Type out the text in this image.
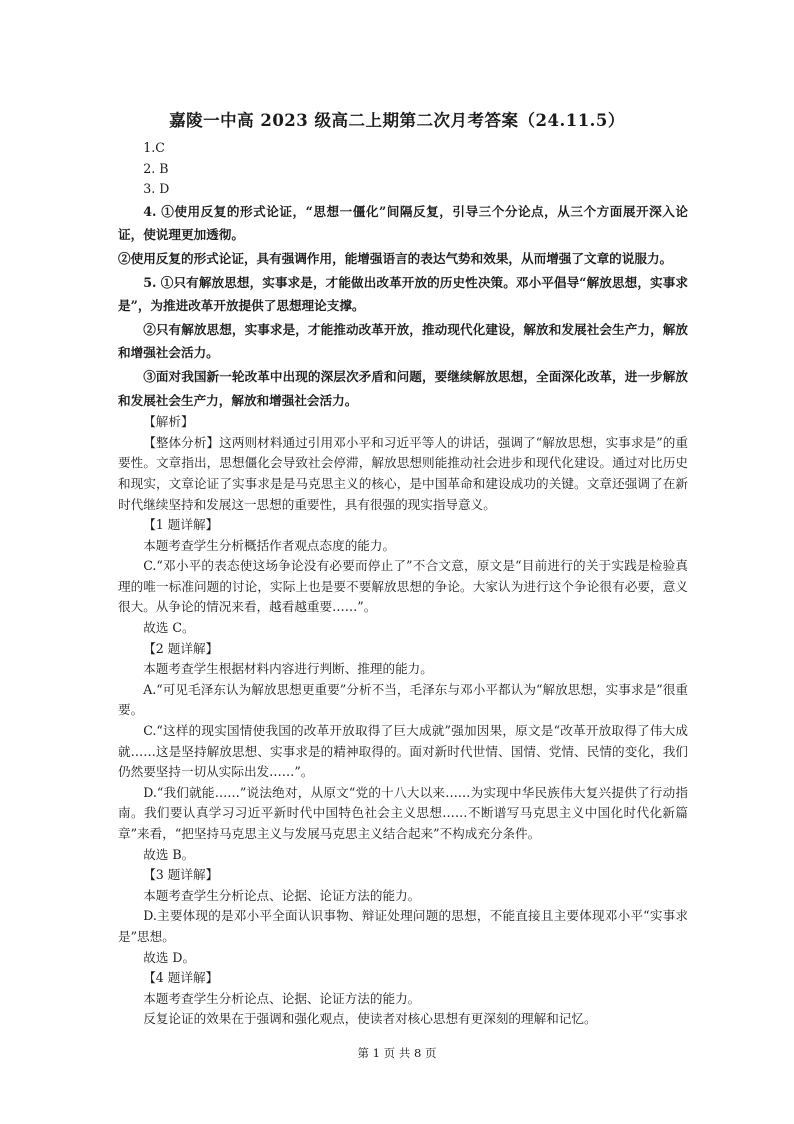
嘉陵一中高 2023 级高二上期第二次月考答案（24.11.5）

1.C

2. B

3. D

4. ①使用反复的形式论证，“思想一僵化”间隔反复，引导三个分论点，从三个方面展开深入论证，使说理更加透彻。

②使用反复的形式论证，具有强调作用，能增强语言的表达气势和效果，从而增强了文章的说服力。

5. ①只有解放思想，实事求是，才能做出改革开放的历史性决策。邓小平倡导“解放思想，实事求是”，为推进改革开放提供了思想理论支撑。

②只有解放思想，实事求是，才能推动改革开放，推动现代化建设，解放和发展社会生产力，解放和增强社会活力。

③面对我国新一轮改革中出现的深层次矛盾和问题，要继续解放思想，全面深化改革，进一步解放和发展社会生产力，解放和增强社会活力。

【解析】

【整体分析】这两则材料通过引用邓小平和习近平等人的讲话，强调了“解放思想，实事求是”的重要性。文章指出，思想僵化会导致社会停滞，解放思想则能推动社会进步和现代化建设。通过对比历史和现实，文章论证了实事求是是马克思主义的核心，是中国革命和建设成功的关键。文章还强调了在新时代继续坚持和发展这一思想的重要性，具有很强的现实指导意义。

【1 题详解】

本题考查学生分析概括作者观点态度的能力。

C.“邓小平的表态使这场争论没有必要而停止了”不合文意，原文是“目前进行的关于实践是检验真理的唯一标准问题的讨论，实际上也是要不要解放思想的争论。大家认为进行这个争论很有必要，意义很大。从争论的情况来看，越看越重要……”。

故选 C。

【2 题详解】

本题考查学生根据材料内容进行判断、推理的能力。

A.“可见毛泽东认为解放思想更重要”分析不当，毛泽东与邓小平都认为“解放思想，实事求是”很重要。

C.“这样的现实国情使我国的改革开放取得了巨大成就”强加因果，原文是“改革开放取得了伟大成就……这是坚持解放思想、实事求是的精神取得的。面对新时代世情、国情、党情、民情的变化，我们仍然要坚持一切从实际出发……”。

D.“我们就能……”说法绝对，从原文“党的十八大以来……为实现中华民族伟大复兴提供了行动指南。我们要认真学习习近平新时代中国特色社会主义思想……不断谱写马克思主义中国化时代化新篇章”来看，“把坚持马克思主义与发展马克思主义结合起来”不构成充分条件。

故选 B。

【3 题详解】

本题考查学生分析论点、论据、论证方法的能力。

D.主要体现的是邓小平全面认识事物、辩证处理问题的思想，不能直接且主要体现邓小平“实事求是”思想。

故选 D。

【4 题详解】

本题考查学生分析论点、论据、论证方法的能力。

反复论证的效果在于强调和强化观点，使读者对核心思想有更深刻的理解和记忆。

第 1 页 共 8 页
